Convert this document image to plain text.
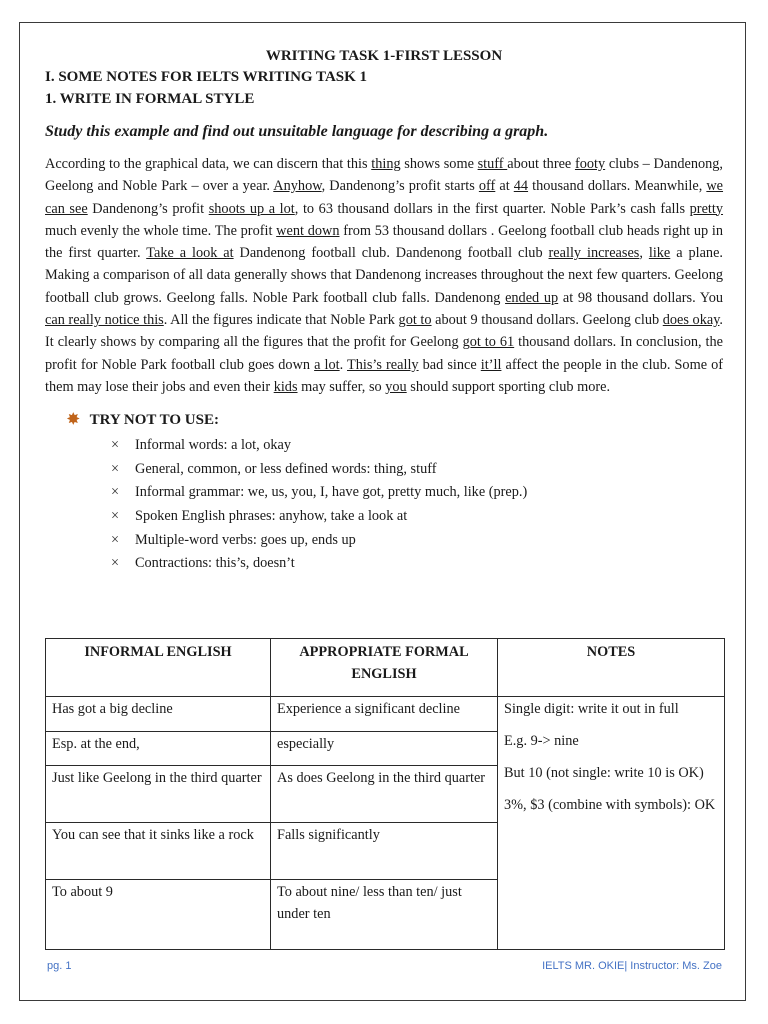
WRITING TASK 1-FIRST LESSON

I. SOME NOTES FOR IELTS WRITING TASK 1

1. WRITE IN FORMAL STYLE

Study this example and find out unsuitable language for describing a graph.

According to the graphical data, we can discern that this thing shows some stuff about three footy clubs – Dandenong, Geelong and Noble Park – over a year. Anyhow, Dandenong’s profit starts off at 44 thousand dollars. Meanwhile, we can see Dandenong’s profit shoots up a lot, to 63 thousand dollars in the first quarter. Noble Park’s cash falls pretty much evenly the whole time. The profit went down from 53 thousand dollars . Geelong football club heads right up in the first quarter. Take a look at Dandenong football club. Dandenong football club really increases, like a plane. Making a comparison of all data generally shows that Dandenong increases throughout the next few quarters. Geelong football club grows. Geelong falls. Noble Park football club falls. Dandenong ended up at 98 thousand dollars. You can really notice this. All the figures indicate that Noble Park got to about 9 thousand dollars. Geelong club does okay. It clearly shows by comparing all the figures that the profit for Geelong got to 61 thousand dollars. In conclusion, the profit for Noble Park football club goes down a lot. This’s really bad since it’ll affect the people in the club. Some of them may lose their jobs and even their kids may suffer, so you should support sporting club more.

✸ TRY NOT TO USE:
×	Informal words: a lot, okay
×	General, common, or less defined words: thing, stuff
×	Informal grammar: we, us, you, I, have got, pretty much, like (prep.)
×	Spoken English phrases: anyhow, take a look at
×	Multiple-word verbs: goes up, ends up
×	Contractions: this’s, doesn’t
INFORMAL ENGLISH	APPROPRIATE FORMAL ENGLISH	NOTES
Has got a big decline	Experience a significant decline	Single digit: write it out in full
E.g. 9-> nine
But 10 (not single: write 10 is OK)
3%, $3 (combine with symbols): OK

Esp. at the end,	especially	
Just like Geelong in the third quarter	As does Geelong in the third quarter	
You can see that it sinks like a rock	Falls significantly	
To about 9	To about nine/ less than ten/ just under ten	
pg. 1	IELTS MR. OKIE| Instructor: Ms. Zoe
